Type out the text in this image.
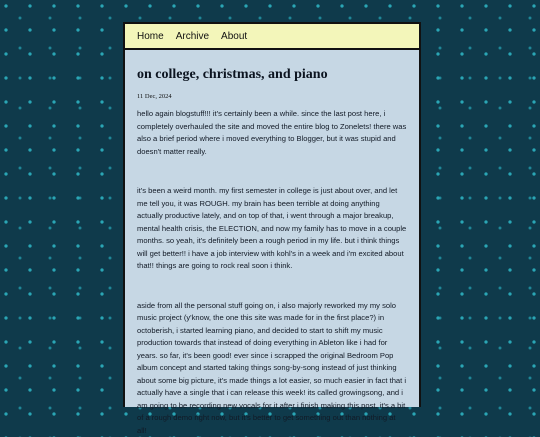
Home Archive About
on college, christmas, and piano
11 Dec, 2024

hello again blogstuff!!! it's certainly been a while. since the last post here, i completely overhauled the site and moved the entire blog to Zonelets! there was also a brief period where i moved everything to Blogger, but it was stupid and doesn't matter really.

it's been a weird month. my first semester in college is just about over, and let me tell you, it was ROUGH. my brain has been terrible at doing anything actually productive lately, and on top of that, i went through a major breakup, mental health crisis, the ELECTION, and now my family has to move in a couple months. so yeah, it's definitely been a rough period in my life. but i think things will get better!! i have a job interview with kohl's in a week and i'm excited about that!! things are going to rock real soon i think.

aside from all the personal stuff going on, i also majorly reworked my my solo music project (y'know, the one this site was made for in the first place?) in octoberish, i started learning piano, and decided to start to shift my music production towards that instead of doing everything in Ableton like i had for years. so far, it's been good! ever since i scrapped the original Bedroom Pop album concept and started taking things song-by-song instead of just thinking about some big picture, it's made things a lot easier, so much easier in fact that i actually have a single that i can release this week! its called growingsong, and i am going to be recording new vocals for it after i finish making this post. it's a bit of a rough demo right now, but it's better to get something out than nothing at all!
